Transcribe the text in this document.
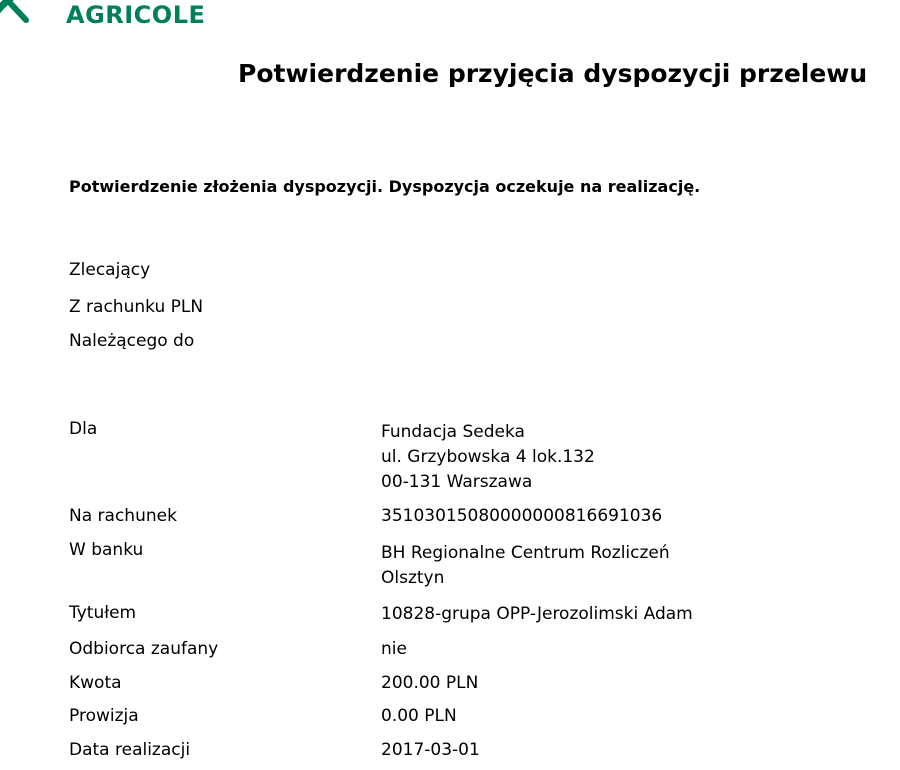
AGRICOLE
Potwierdzenie przyjęcia dyspozycji przelewu

Potwierdzenie złożenia dyspozycji. Dyspozycja oczekuje na realizację.

Zlecający
Z rachunku PLN
Należącego do
Dla	Fundacja Sedeka
ul. Grzybowska 4 lok.132
00-131 Warszawa
Na rachunek	35103015080000000816691036
W banku	BH Regionalne Centrum Rozliczeń
Olsztyn
Tytułem	10828-grupa OPP-Jerozolimski Adam
Odbiorca zaufany	nie
Kwota	200.00 PLN
Prowizja	0.00 PLN
Data realizacji	2017-03-01
